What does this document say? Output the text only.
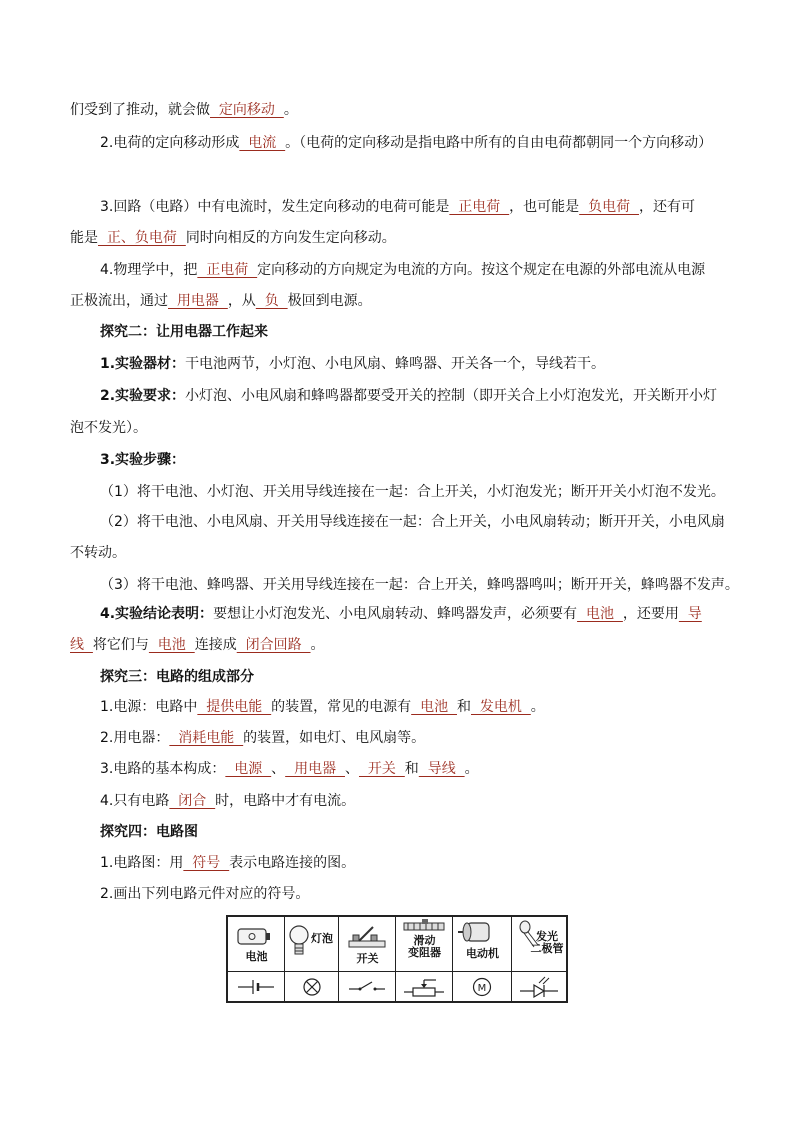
们受到了推动，就会做  定向移动  。
2.电荷的定向移动形成  电流  。（电荷的定向移动是指电路中所有的自由电荷都朝同一个方向移动）
3.回路（电路）中有电流时，发生定向移动的电荷可能是  正电荷  ，也可能是  负电荷  ，还有可
能是  正、负电荷  同时向相反的方向发生定向移动。
4.物理学中，把  正电荷  定向移动的方向规定为电流的方向。按这个规定在电源的外部电流从电源
正极流出，通过  用电器  ，从  负  极回到电源。
探究二：让用电器工作起来
1.实验器材：干电池两节，小灯泡、小电风扇、蜂鸣器、开关各一个，导线若干。
2.实验要求：小灯泡、小电风扇和蜂鸣器都要受开关的控制（即开关合上小灯泡发光，开关断开小灯
泡不发光）。
3.实验步骤：
（1）将干电池、小灯泡、开关用导线连接在一起：合上开关，小灯泡发光；断开开关小灯泡不发光。
（2）将干电池、小电风扇、开关用导线连接在一起：合上开关，小电风扇转动；断开开关，小电风扇
不转动。
（3）将干电池、蜂鸣器、开关用导线连接在一起：合上开关，蜂鸣器鸣叫；断开开关，蜂鸣器不发声。
4.实验结论表明：要想让小灯泡发光、小电风扇转动、蜂鸣器发声，必须要有  电池  ，还要用  导
线  将它们与  电池  连接成  闭合回路  。
探究三：电路的组成部分
1.电源：电路中  提供电能  的装置，常见的电源有  电池  和  发电机  。
2.用电器：  消耗电能  的装置，如电灯、电风扇等。
3.电路的基本构成：  电源  、  用电器  、  开关  和  导线  。
4.只有电路  闭合  时，电路中才有电流。
探究四：电路图
1.电路图：用  符号  表示电路连接的图。
2.画出下列电路元件对应的符号。
电池
灯泡
开关
滑动
变阻器	电动机
发光
二极管
M
